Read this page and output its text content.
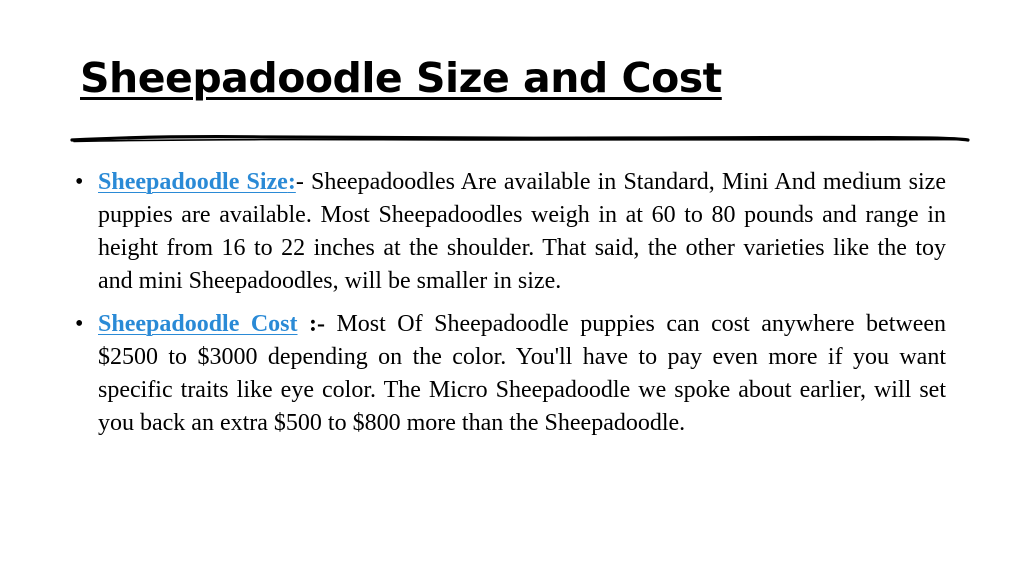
Sheepadoodle Size and Cost
• Sheepadoodle Size:- Sheepadoodles Are available in Standard, Mini And medium size puppies are available. Most Sheepadoodles weigh in at 60 to 80 pounds and range in height from 16 to 22 inches at the shoulder. That said, the other varieties like the toy and mini Sheepadoodles, will be smaller in size.
• Sheepadoodle Cost :- Most Of Sheepadoodle puppies can cost anywhere between $2500 to $3000 depending on the color. You'll have to pay even more if you want specific traits like eye color. The Micro Sheepadoodle we spoke about earlier, will set you back an extra $500 to $800 more than the Sheepadoodle.
